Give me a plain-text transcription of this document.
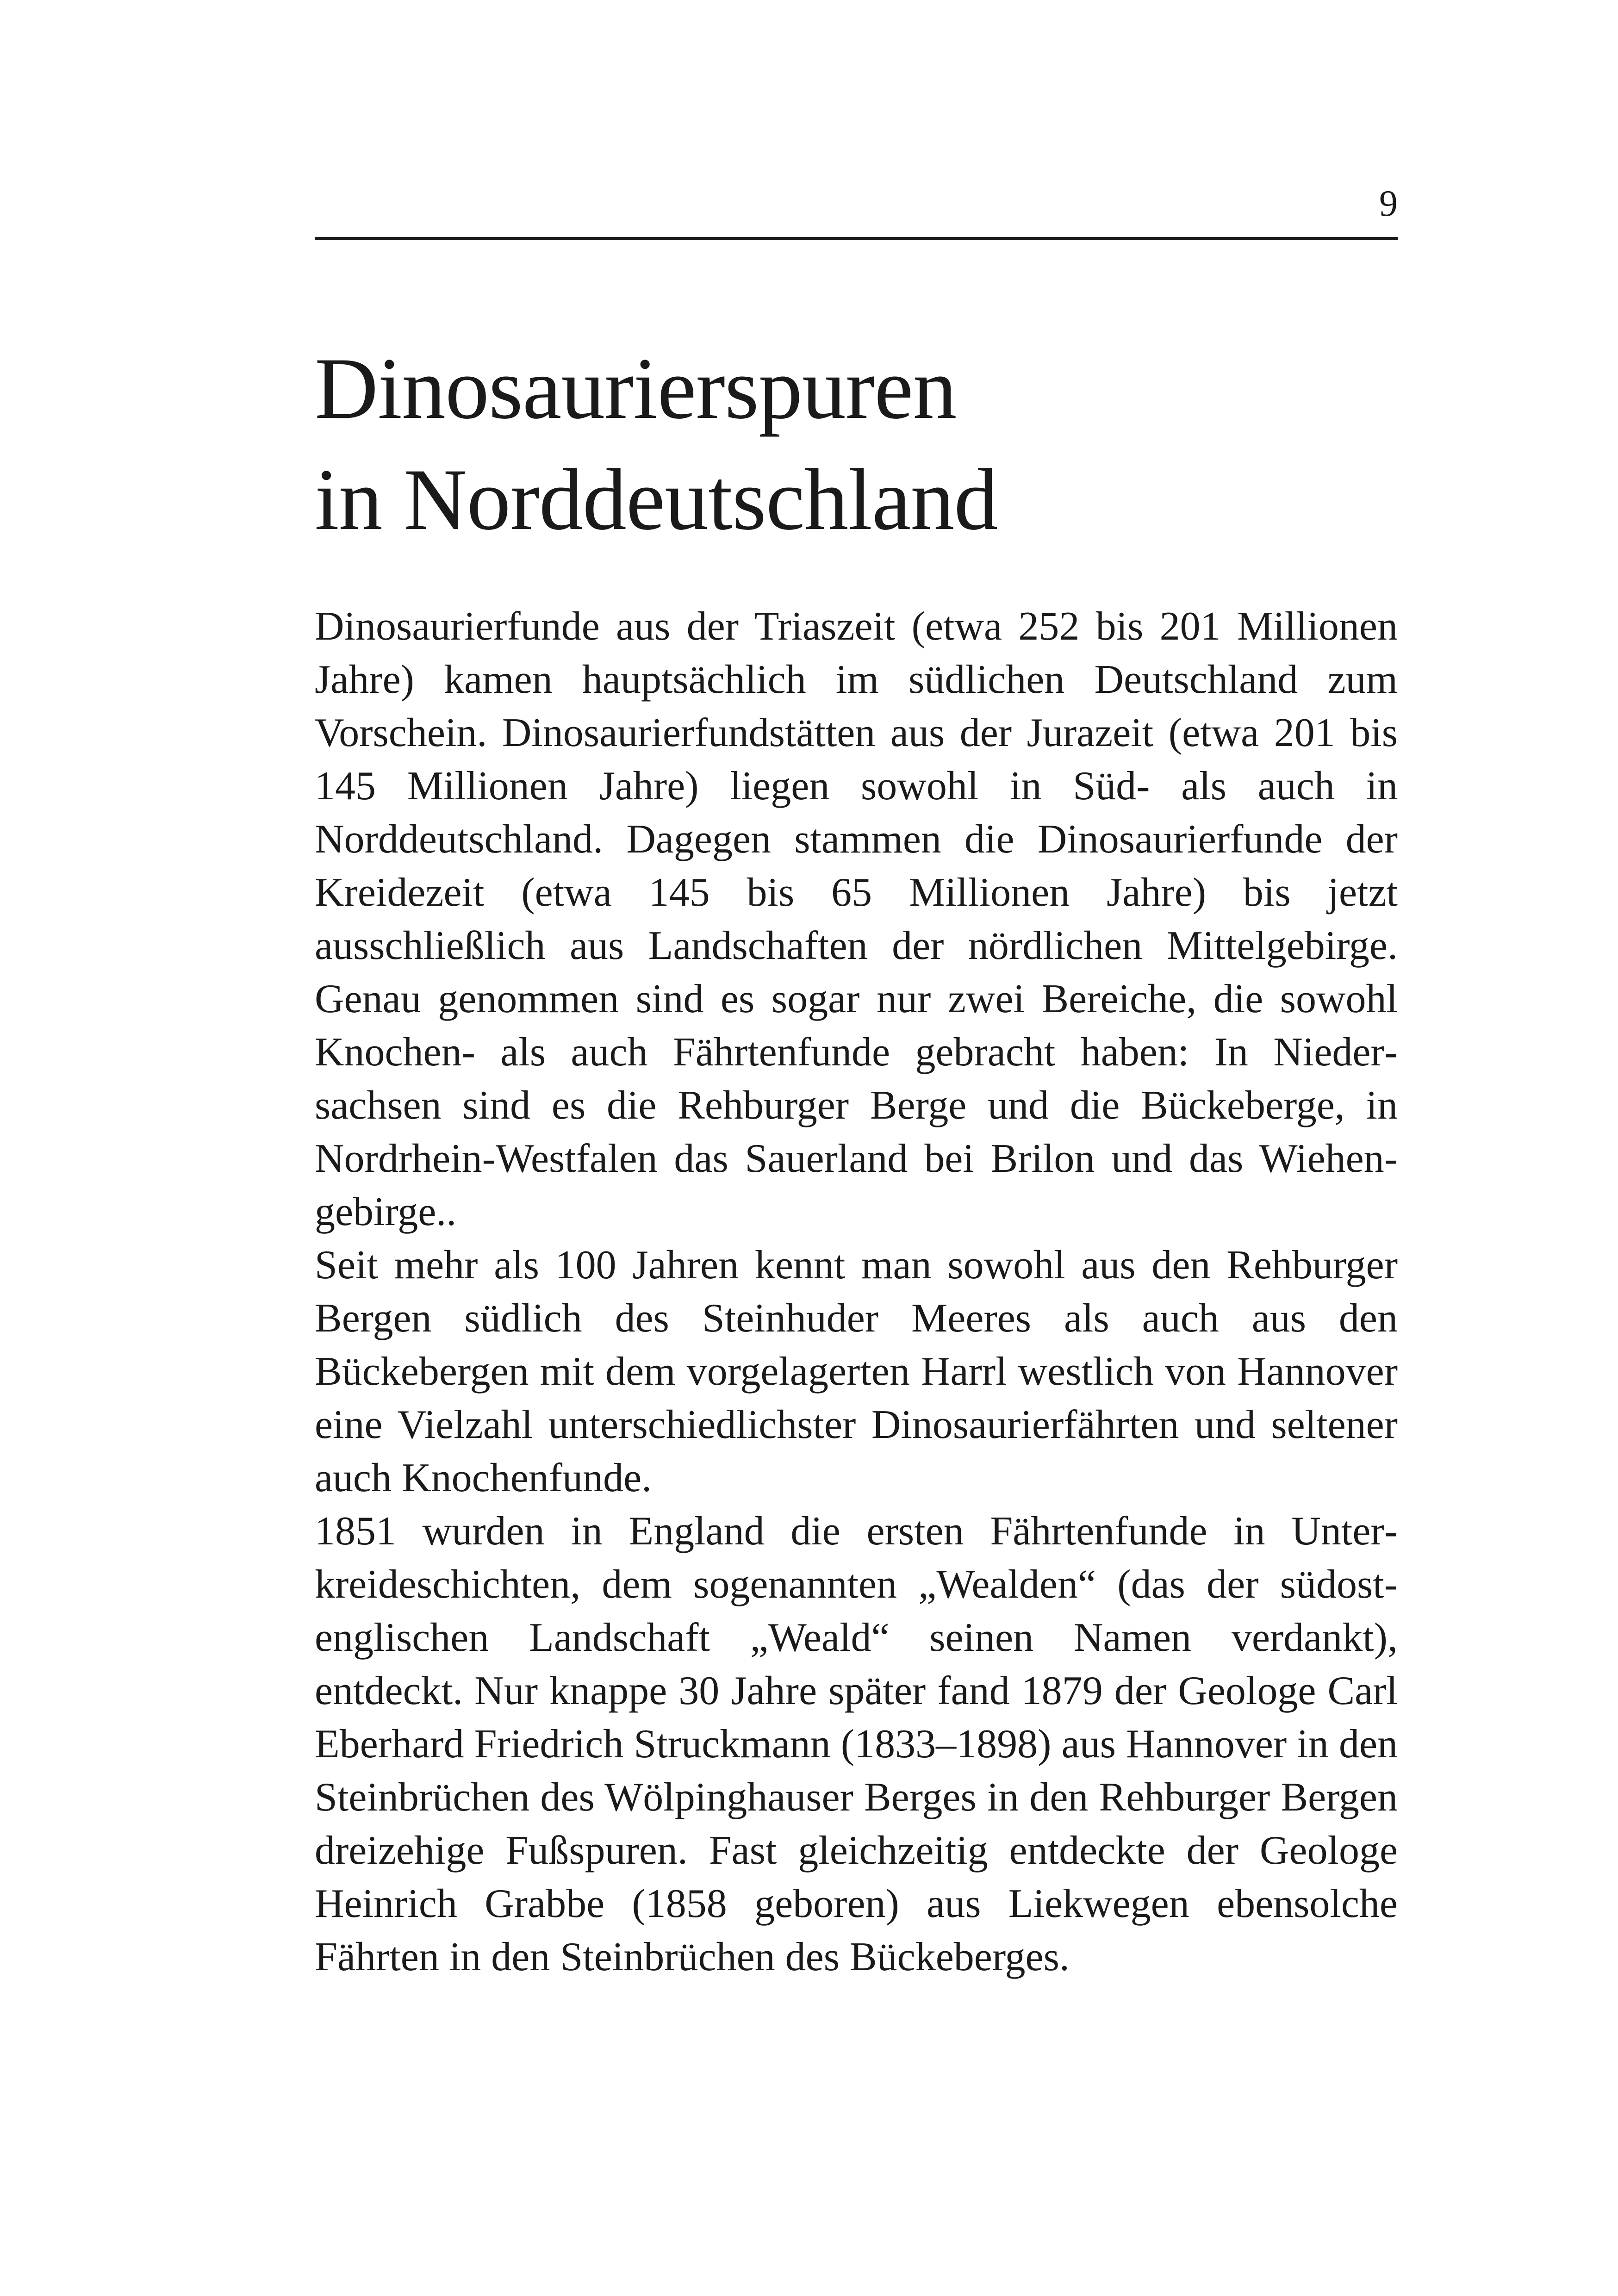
9
Dinosaurierspuren
in Norddeutschland

Dinosaurierfunde aus der Triaszeit (etwa 252 bis 201 Millionen Jahre) kamen hauptsächlich im südlichen Deutschland zum Vorschein. Dinosaurierfundstätten aus der Jurazeit (etwa 201 bis 145 Millionen Jahre) liegen sowohl in Süd- als auch in Norddeutschland. Dagegen stammen die Dinosaurierfunde der Kreidezeit (etwa 145 bis 65 Millionen Jahre) bis jetzt ausschließlich aus Landschaften der nördlichen Mittelgebirge. Genau genommen sind es sogar nur zwei Bereiche, die sowohl Knochen- als auch Fährtenfunde gebracht haben: In Niedersachsen sind es die Rehburger Berge und die Bückeberge, in Nordrhein-Westfalen das Sauerland bei Brilon und das Wiehengebirge..

Seit mehr als 100 Jahren kennt man sowohl aus den Rehburger Bergen südlich des Steinhuder Meeres als auch aus den Bückebergen mit dem vorgelagerten Harrl westlich von Hannover eine Vielzahl unterschiedlichster Dinosaurierfährten und seltener auch Knochenfunde.

1851 wurden in England die ersten Fährtenfunde in Unterkreideschichten, dem sogenannten „Wealden“ (das der südostenglischen Landschaft „Weald“ seinen Namen verdankt), entdeckt. Nur knappe 30 Jahre später fand 1879 der Geologe Carl Eberhard Friedrich Struckmann (1833–1898) aus Hannover in den Steinbrüchen des Wölpinghauser Berges in den Rehburger Bergen dreizehige Fußspuren. Fast gleichzeitig entdeckte der Geologe Heinrich Grabbe (1858 geboren) aus Liekwegen ebensolche Fährten in den Steinbrüchen des Bückeberges.
